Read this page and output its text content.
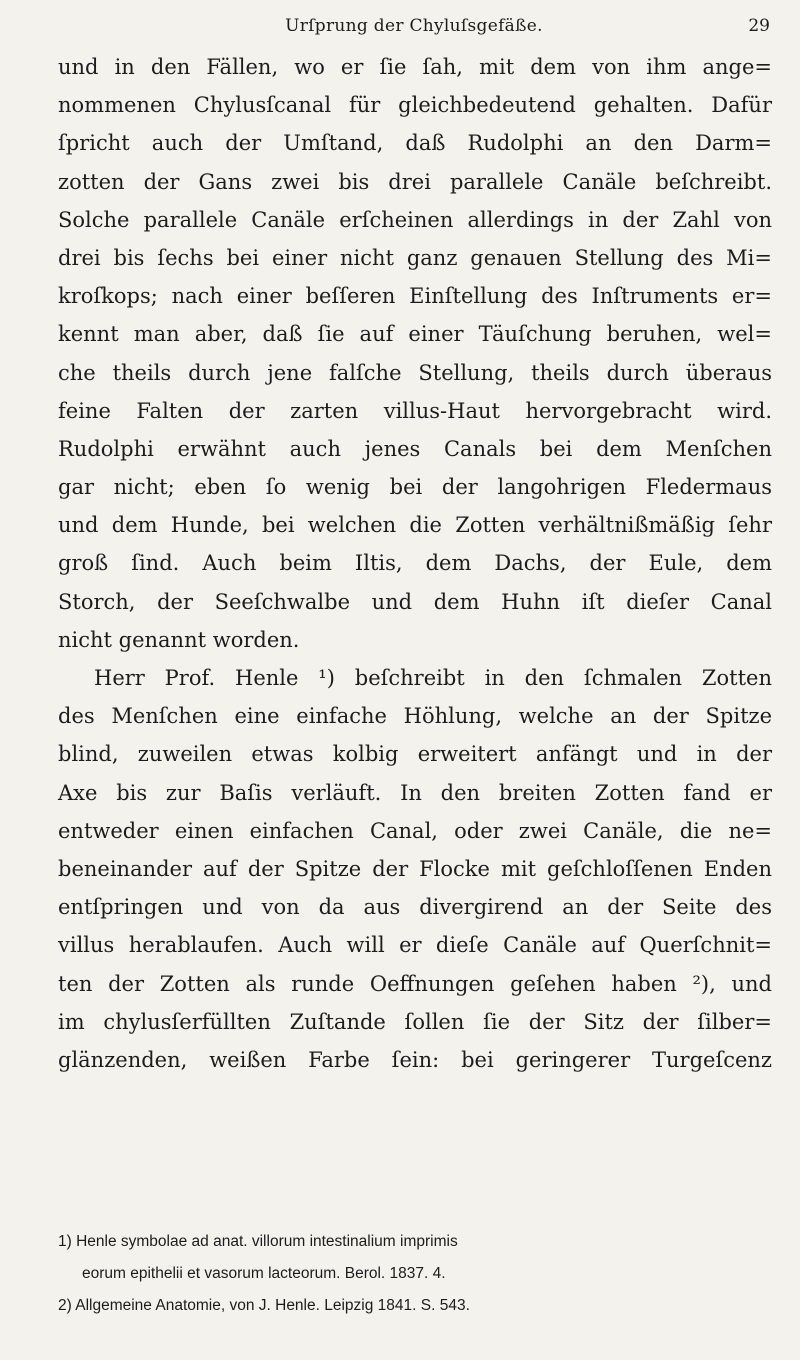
Urſprung der Chyluſsgefäße.	29
und in den Fällen, wo er ſie ſah, mit dem von ihm ange=
nommenen Chylusſcanal für gleichbedeutend gehalten. Dafür
ſpricht auch der Umſtand, daß Rudolphi an den Darm=
zotten der Gans zwei bis drei parallele Canäle beſchreibt.
Solche parallele Canäle erſcheinen allerdings in der Zahl von
drei bis ſechs bei einer nicht ganz genauen Stellung des Mi=
kroſkops; nach einer beſſeren Einſtellung des Inſtruments er=
kennt man aber, daß ſie auf einer Täuſchung beruhen, wel=
che theils durch jene falſche Stellung, theils durch überaus
feine Falten der zarten villus-Haut hervorgebracht wird.
Rudolphi erwähnt auch jenes Canals bei dem Menſchen
gar nicht; eben ſo wenig bei der langohrigen Fledermaus
und dem Hunde, bei welchen die Zotten verhältnißmäßig ſehr
groß ſind. Auch beim Iltis, dem Dachs, der Eule, dem
Storch, der Seeſchwalbe und dem Huhn iſt dieſer Canal
nicht genannt worden.
Herr Prof. Henle ¹) beſchreibt in den ſchmalen Zotten
des Menſchen eine einfache Höhlung, welche an der Spitze
blind, zuweilen etwas kolbig erweitert anfängt und in der
Axe bis zur Baſis verläuft. In den breiten Zotten fand er
entweder einen einfachen Canal, oder zwei Canäle, die ne=
beneinander auf der Spitze der Flocke mit geſchloſſenen Enden
entſpringen und von da aus divergirend an der Seite des
villus herablaufen. Auch will er dieſe Canäle auf Querſchnit=
ten der Zotten als runde Oeffnungen geſehen haben ²), und
im chylusſerfüllten Zuſtande ſollen ſie der Sitz der ſilber=
glänzenden, weißen Farbe ſein: bei geringerer Turgeſcenz
1) Henle symbolae ad anat. villorum intestinalium imprimis
eorum epithelii et vasorum lacteorum. Berol. 1837. 4.
2) Allgemeine Anatomie, von J. Henle. Leipzig 1841. S. 543.
